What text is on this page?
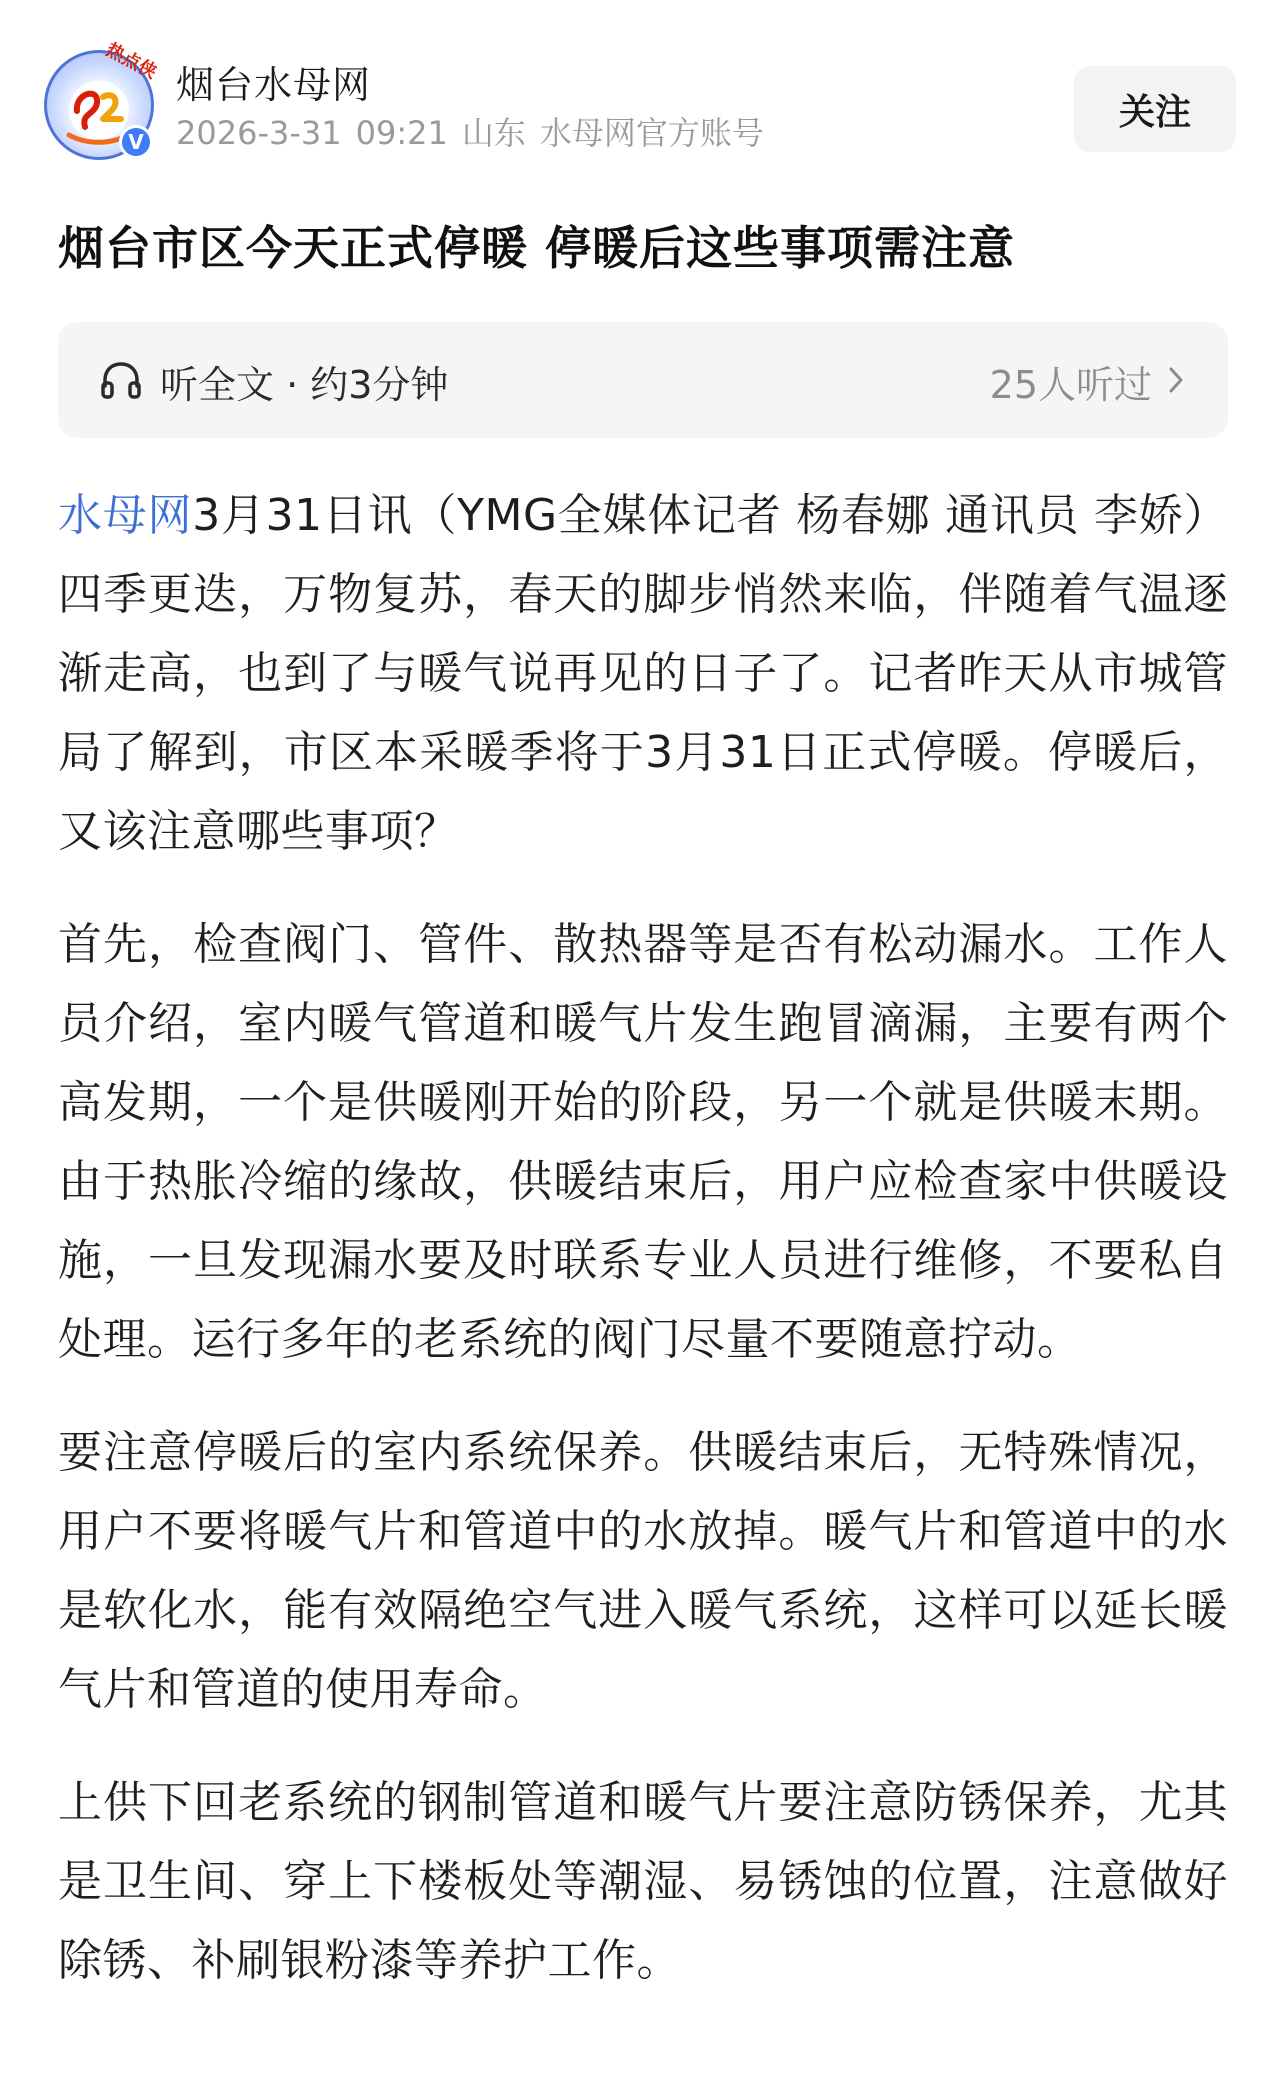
热点侠
V
烟台水母网
2026-3-31 09:21 山东 水母网官方账号
关注
烟台市区今天正式停暖 停暖后这些事项需注意
听全文 · 约3分钟	25人听过

水母网3月31日讯（YMG全媒体记者 杨春娜 通讯员 李娇）四季更迭，万物复苏，春天的脚步悄然来临，伴随着气温逐渐走高，也到了与暖气说再见的日子了。记者昨天从市城管局了解到，市区本采暖季将于3月31日正式停暖。停暖后，又该注意哪些事项？

首先，检查阀门、管件、散热器等是否有松动漏水。工作人员介绍，室内暖气管道和暖气片发生跑冒滴漏，主要有两个高发期，一个是供暖刚开始的阶段，另一个就是供暖末期。由于热胀冷缩的缘故，供暖结束后，用户应检查家中供暖设施，一旦发现漏水要及时联系专业人员进行维修，不要私自处理。运行多年的老系统的阀门尽量不要随意拧动。

要注意停暖后的室内系统保养。供暖结束后，无特殊情况，用户不要将暖气片和管道中的水放掉。暖气片和管道中的水是软化水，能有效隔绝空气进入暖气系统，这样可以延长暖气片和管道的使用寿命。

上供下回老系统的钢制管道和暖气片要注意防锈保养，尤其是卫生间、穿上下楼板处等潮湿、易锈蚀的位置，注意做好除锈、补刷银粉漆等养护工作。
